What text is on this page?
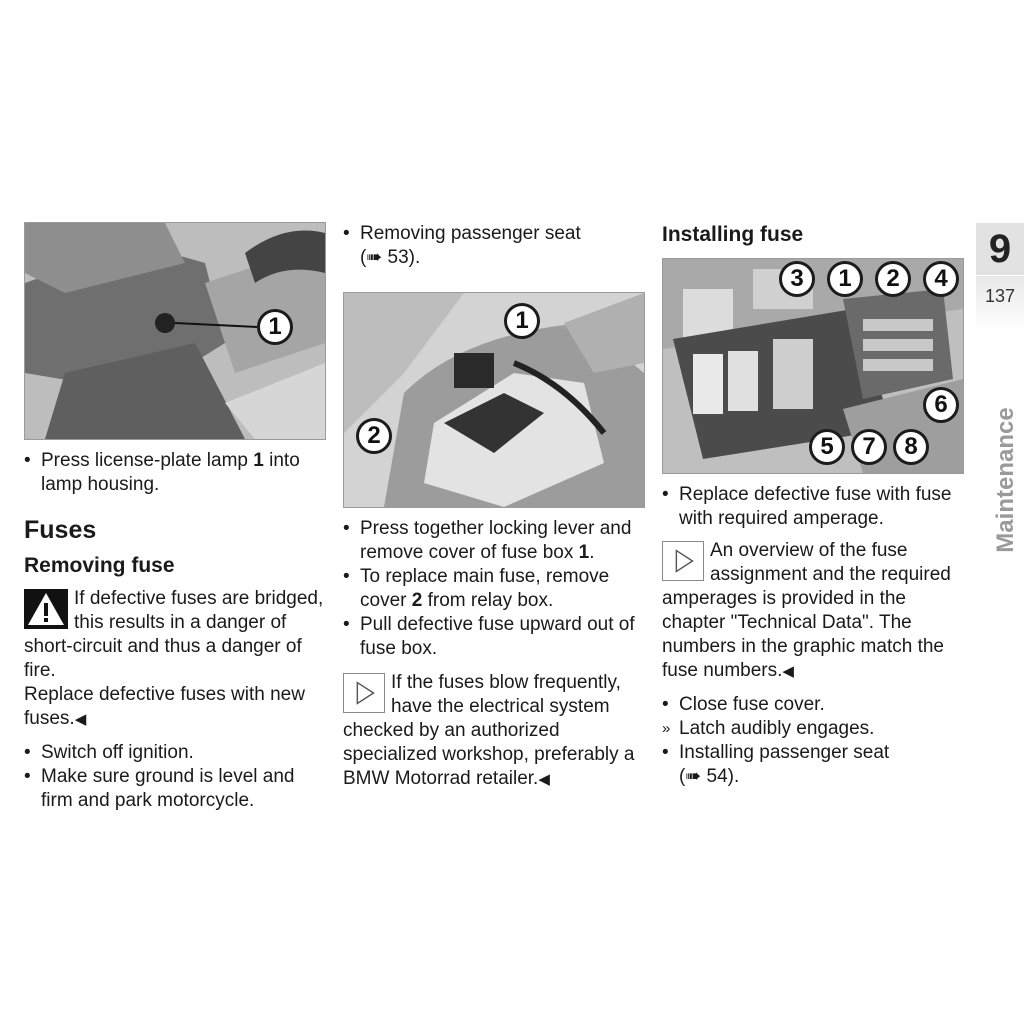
1
• Press license-plate lamp 1 into lamp housing.
Fuses
Removing fuse

If defective fuses are bridged, this results in a danger of short-circuit and thus a danger of fire.

Replace defective fuses with new fuses.◀

• Switch off ignition.
• Make sure ground is level and firm and park motorcycle.
• Removing passenger seat
(➠ 53).
1
2
• Press together locking lever and remove cover of fuse box 1.
• To replace main fuse, remove cover 2 from relay box.
• Pull defective fuse upward out of fuse box.

If the fuses blow frequently, have the electrical system checked by an authorized specialized workshop, preferably a BMW Motorrad retailer.◀

Installing fuse
3	1	2	4
6
5	7	8
• Replace defective fuse with fuse with required amperage.

An overview of the fuse assignment and the required amperages is provided in the chapter "Technical Data". The numbers in the graphic match the fuse numbers.◀

• Close fuse cover.
» Latch audibly engages.
• Installing passenger seat
(➠ 54).
9
137
Maintenance
